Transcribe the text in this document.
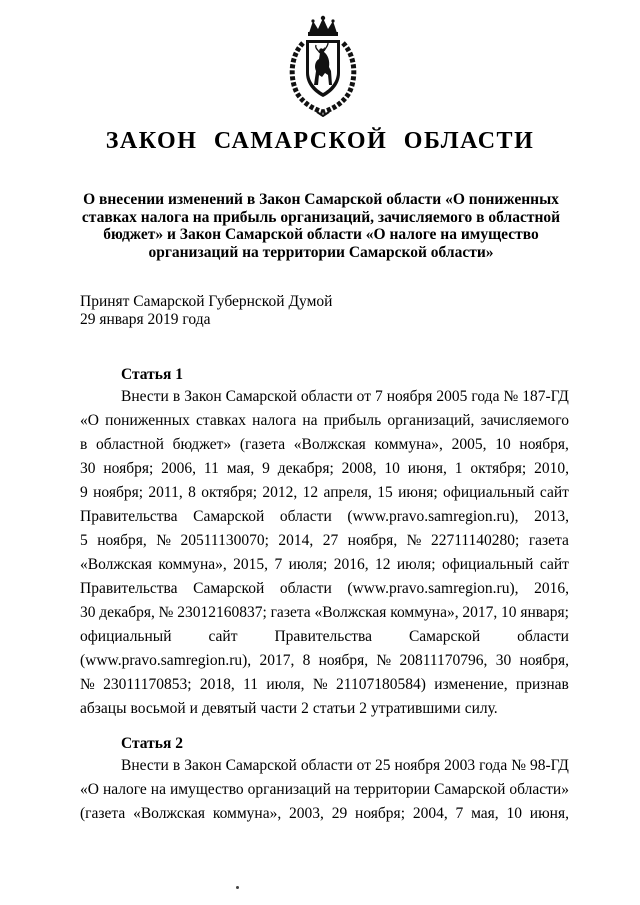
ЗАКОН САМАРСКОЙ ОБЛАСТИ
О внесении изменений в Закон Самарской области «О пониженных
ставках налога на прибыль организаций, зачисляемого в областной
бюджет» и Закон Самарской области «О налоге на имущество
организаций на территории Самарской области»
Принят Самарской Губернской Думой
29 января 2019 года
Статья 1
Внести в Закон Самарской области от 7 ноября 2005 года № 187-ГД
«О пониженных ставках налога на прибыль организаций, зачисляемого
в областной бюджет» (газета «Волжская коммуна», 2005, 10 ноября,
30 ноября; 2006, 11 мая, 9 декабря; 2008, 10 июня, 1 октября; 2010,
9 ноября; 2011, 8 октября; 2012, 12 апреля, 15 июня; официальный сайт
Правительства Самарской области (www.pravo.samregion.ru), 2013,
5 ноября, № 20511130070; 2014, 27 ноября, № 22711140280; газета
«Волжская коммуна», 2015, 7 июля; 2016, 12 июля; официальный сайт
Правительства Самарской области (www.pravo.samregion.ru), 2016,
30 декабря, № 23012160837; газета «Волжская коммуна», 2017, 10 января;
официальный сайт Правительства Самарской области
(www.pravo.samregion.ru), 2017, 8 ноября, № 20811170796, 30 ноября,
№ 23011170853; 2018, 11 июля, № 21107180584) изменение, признав
абзацы восьмой и девятый части 2 статьи 2 утратившими силу.
Статья 2
Внести в Закон Самарской области от 25 ноября 2003 года № 98-ГД
«О налоге на имущество организаций на территории Самарской области»
(газета «Волжская коммуна», 2003, 29 ноября; 2004, 7 мая, 10 июня,
